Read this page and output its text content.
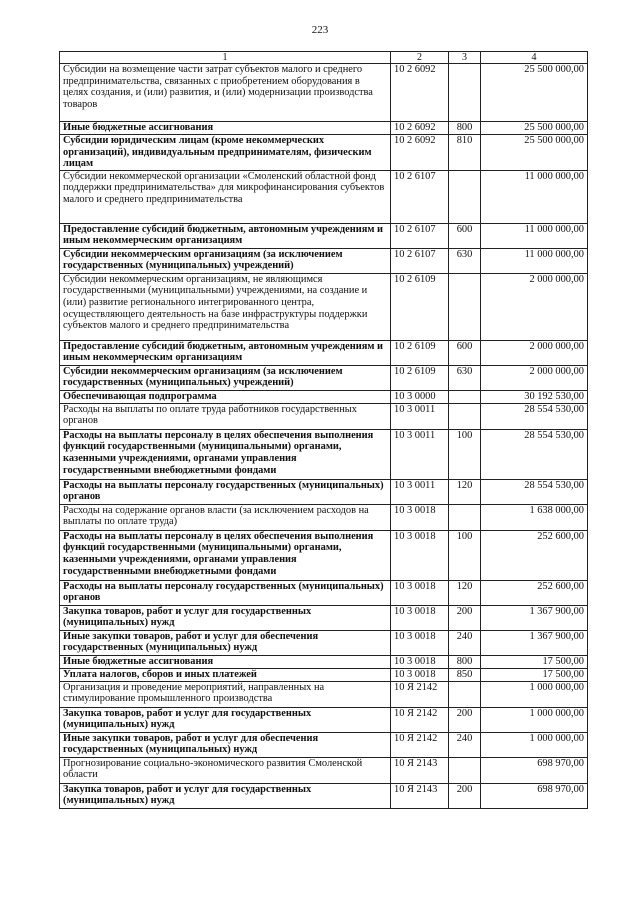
223
1	2	3	4
Субсидии на возмещение части затрат субъектов малого и среднего предпринимательства, связанных с приобретением оборудования в целях создания, и (или) развития, и (или) модернизации производства товаров	10 2 6092		25 500 000,00
Иные бюджетные ассигнования	10 2 6092	800	25 500 000,00
Субсидии юридическим лицам (кроме некоммерческих организаций), индивидуальным предпринимателям, физическим лицам	10 2 6092	810	25 500 000,00
Субсидии некоммерческой организации «Смоленский областной фонд поддержки предпринимательства» для микрофинансирования субъектов малого и среднего предпринимательства	10 2 6107		11 000 000,00
Предоставление субсидий бюджетным, автономным учреждениям и иным некоммерческим организациям	10 2 6107	600	11 000 000,00
Субсидии некоммерческим организациям (за исключением государственных (муниципальных) учреждений)	10 2 6107	630	11 000 000,00
Субсидии некоммерческим организациям, не являющимся государственными (муниципальными) учреждениями, на создание и (или) развитие регионального интегрированного центра, осуществляющего деятельность на базе инфраструктуры поддержки субъектов малого и среднего предпринимательства	10 2 6109		2 000 000,00
Предоставление субсидий бюджетным, автономным учреждениям и иным некоммерческим организациям	10 2 6109	600	2 000 000,00
Субсидии некоммерческим организациям (за исключением государственных (муниципальных) учреждений)	10 2 6109	630	2 000 000,00
Обеспечивающая подпрограмма	10 3 0000		30 192 530,00
Расходы на выплаты по оплате труда работников государственных органов	10 3 0011		28 554 530,00
Расходы на выплаты персоналу в целях обеспечения выполнения функций государственными (муниципальными) органами, казенными учреждениями, органами управления государственными внебюджетными фондами	10 3 0011	100	28 554 530,00
Расходы на выплаты персоналу государственных (муниципальных) органов	10 3 0011	120	28 554 530,00
Расходы на содержание органов власти (за исключением расходов на выплаты по оплате труда)	10 3 0018		1 638 000,00
Расходы на выплаты персоналу в целях обеспечения выполнения функций государственными (муниципальными) органами, казенными учреждениями, органами управления государственными внебюджетными фондами	10 3 0018	100	252 600,00
Расходы на выплаты персоналу государственных (муниципальных) органов	10 3 0018	120	252 600,00
Закупка товаров, работ и услуг для государственных (муниципальных) нужд	10 3 0018	200	1 367 900,00
Иные закупки товаров, работ и услуг для обеспечения государственных (муниципальных) нужд	10 3 0018	240	1 367 900,00
Иные бюджетные ассигнования	10 3 0018	800	17 500,00
Уплата налогов, сборов и иных платежей	10 3 0018	850	17 500,00
Организация и проведение мероприятий, направленных на стимулирование промышленного производства	10 Я 2142		1 000 000,00
Закупка товаров, работ и услуг для государственных (муниципальных) нужд	10 Я 2142	200	1 000 000,00
Иные закупки товаров, работ и услуг для обеспечения государственных (муниципальных) нужд	10 Я 2142	240	1 000 000,00
Прогнозирование социально-экономического развития Смоленской области	10 Я 2143		698 970,00
Закупка товаров, работ и услуг для государственных (муниципальных) нужд	10 Я 2143	200	698 970,00
